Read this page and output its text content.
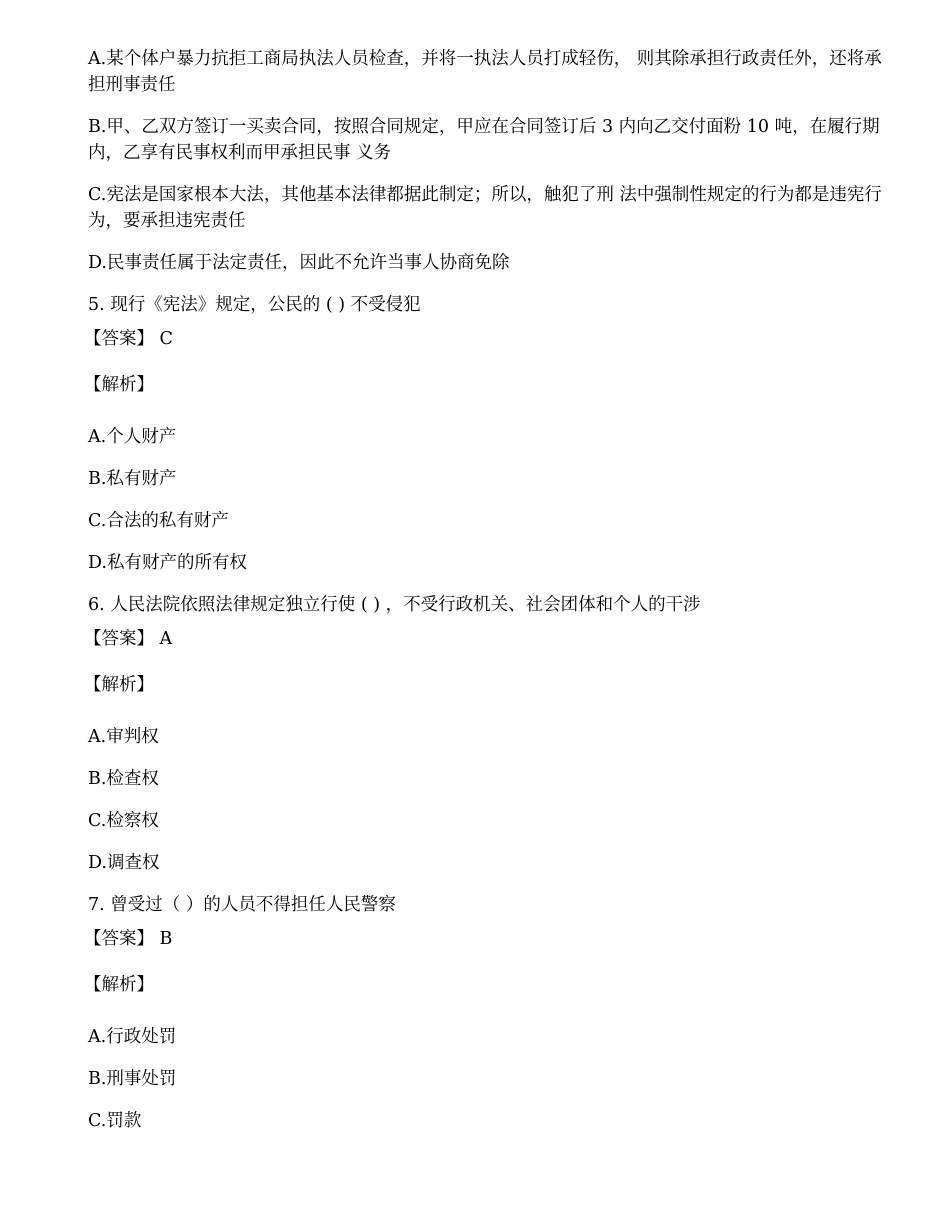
A.某个体户暴力抗拒工商局执法人员检查，并将一执法人员打成轻伤， 则其除承担行政责任外，还将承担刑事责任

B.甲、乙双方签订一买卖合同，按照合同规定，甲应在合同签订后 3 内向乙交付面粉 10 吨，在履行期内，乙享有民事权利而甲承担民事 义务

C.宪法是国家根本大法，其他基本法律都据此制定；所以，触犯了刑 法中强制性规定的行为都是违宪行为，要承担违宪责任

D.民事责任属于法定责任，因此不允许当事人协商免除

5. 现行《宪法》规定，公民的 ( ) 不受侵犯

【答案】 C

【解析】

A.个人财产

B.私有财产

C.合法的私有财产

D.私有财产的所有权

6. 人民法院依照法律规定独立行使 ( ) ，不受行政机关、社会团体和个人的干涉

【答案】 A

【解析】

A.审判权

B.检查权

C.检察权

D.调查权

7. 曾受过（ ）的人员不得担任人民警察

【答案】 B

【解析】

A.行政处罚

B.刑事处罚

C.罚款
